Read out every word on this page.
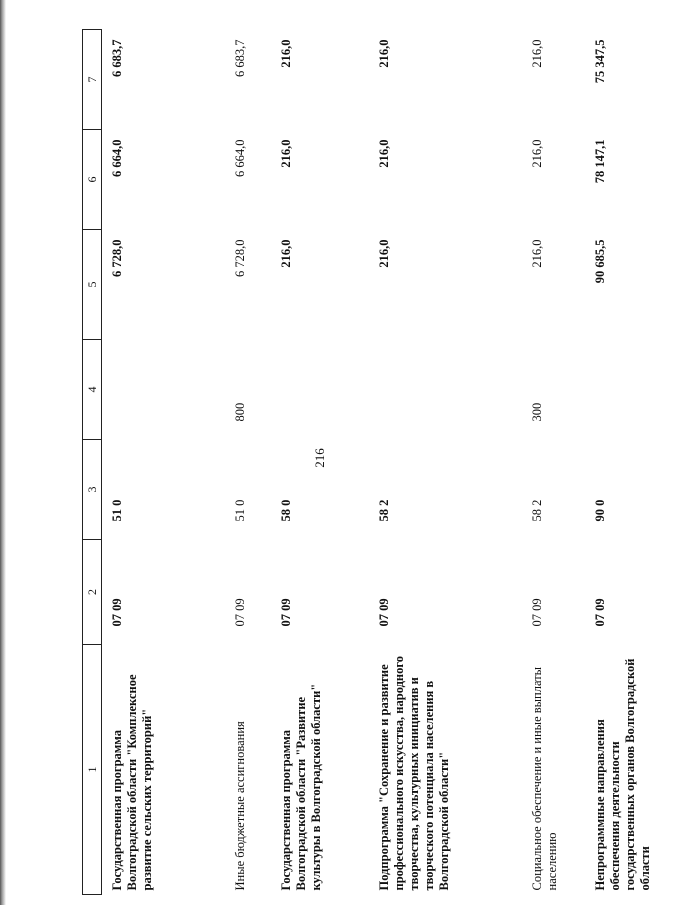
216
1	2	3	4	5	6	7
Государственная программа Волгоградской области "Комплексное развитие сельских территорий"	07 09	51 0		6 728,0	6 664,0	6 683,7
Иные бюджетные ассигнования	07 09	51 0	800	6 728,0	6 664,0	6 683,7
Государственная программа Волгоградской области "Развитие культуры в Волгоградской области"	07 09	58 0		216,0	216,0	216,0
Подпрограмма "Сохранение и развитие профессионального искусства, народного творчества, культурных инициатив и творческого потенциала населения в Волгоградской области"	07 09	58 2		216,0	216,0	216,0
Социальное обеспечение и иные выплаты населению	07 09	58 2	300	216,0	216,0	216,0
Непрограммные направления обеспечения деятельности государственных органов Волгоградской области	07 09	90 0		90 685,5	78 147,1	75 347,5
